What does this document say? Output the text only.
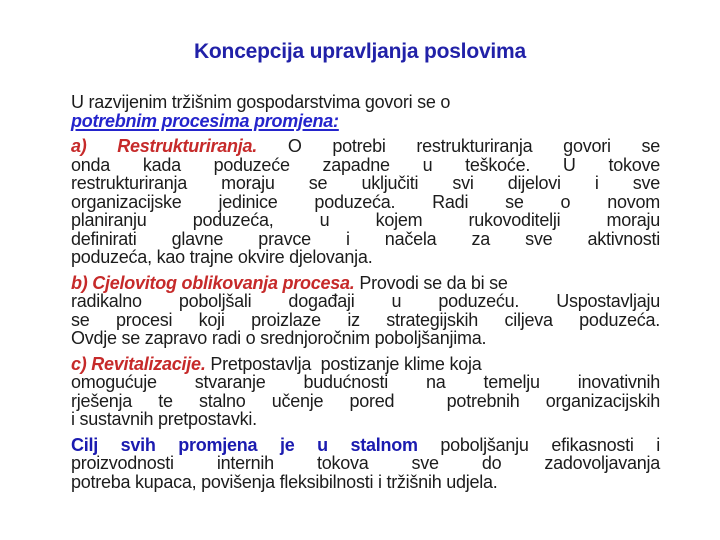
Koncepcija upravljanja poslovima
U razvijenim tržišnim gospodarstvima govori se o
potrebnim procesima promjena:
a) Restrukturiranja. O potrebi restrukturiranja govori se
onda kada poduzeće zapadne u teškoće. U tokove
restrukturiranja moraju se uključiti svi dijelovi i sve
organizacijske jedinice poduzeća. Radi se o novom
planiranju poduzeća, u kojem rukovoditelji moraju
definirati glavne pravce i načela za sve aktivnosti
poduzeća, kao trajne okvire djelovanja.
b) Cjelovitog oblikovanja procesa. Provodi se da bi se
radikalno poboljšali događaji u poduzeću. Uspostavljaju
se procesi koji proizlaze iz strategijskih ciljeva poduzeća.
Ovdje se zapravo radi o srednjoročnim poboljšanjima.
c) Revitalizacije. Pretpostavlja  postizanje klime koja
omogućuje stvaranje budućnosti na temelju inovativnih
rješenja te stalno učenje pored  potrebnih organizacijskih
i sustavnih pretpostavki.
Cilj svih promjena je u stalnom poboljšanju efikasnosti i
proizvodnosti internih tokova sve do zadovoljavanja
potreba kupaca, povišenja fleksibilnosti i tržišnih udjela.
